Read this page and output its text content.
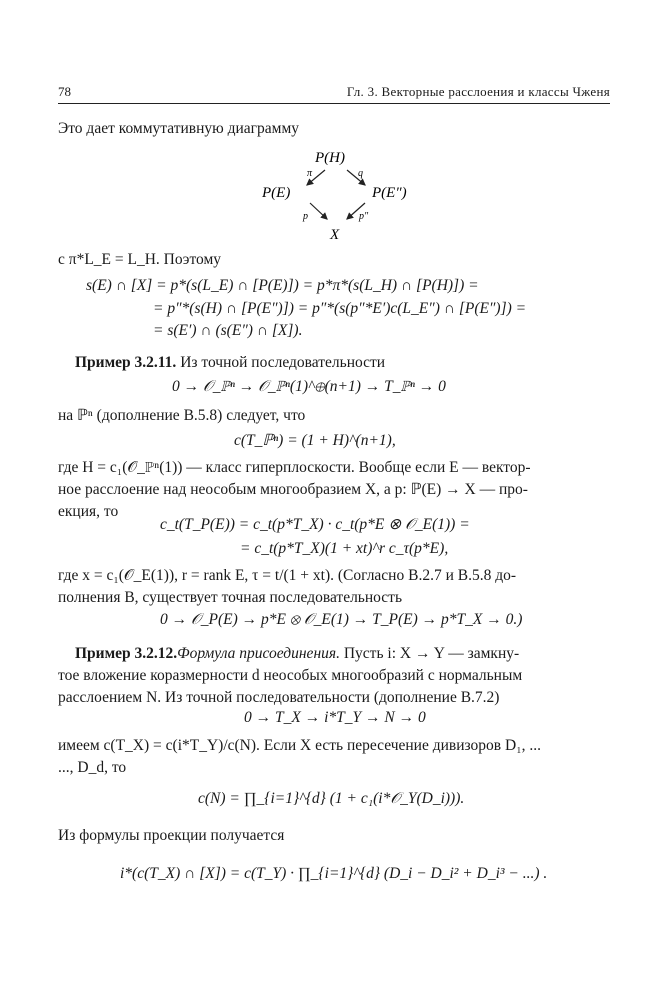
78	Гл. 3. Векторные расслоения и классы Чженя
Это дает коммутативную диаграмму
P(H)
P(E)	P(E″)
X
π	q
p	p″
с π*L_E = L_H. Поэтому
s(E) ∩ [X] = p*(s(L_E) ∩ [P(E)]) = p*π*(s(L_H) ∩ [P(H)]) =
= p″*(s(H) ∩ [P(E″)]) = p″*(s(p″*E′)c(L_E″) ∩ [P(E″)]) =
= s(E′) ∩ (s(E″) ∩ [X]).
Пример 3.2.11. Из точной последовательности
0 → 𝒪_ℙⁿ → 𝒪_ℙⁿ(1)^⊕(n+1) → T_ℙⁿ → 0
на ℙⁿ (дополнение B.5.8) следует, что
c(T_ℙⁿ) = (1 + H)^(n+1),
где H = c₁(𝒪_ℙⁿ(1)) — класс гиперплоскости. Вообще если E — вектор-
ное расслоение над неособым многообразием X, а p: ℙ(E) → X — про-
екция, то
c_t(T_P(E)) = c_t(p*T_X) · c_t(p*E ⊗ 𝒪_E(1)) =
= c_t(p*T_X)(1 + xt)^r c_τ(p*E),
где x = c₁(𝒪_E(1)), r = rank E, τ = t/(1 + xt). (Согласно B.2.7 и B.5.8 до-
полнения B, существует точная последовательность
0 → 𝒪_P(E) → p*E ⊗ 𝒪_E(1) → T_P(E) → p*T_X → 0.)
Пример 3.2.12.Формула присоединения. Пусть i: X → Y — замкну-
тое вложение коразмерности d неособых многообразий с нормальным
расслоением N. Из точной последовательности (дополнение B.7.2)
0 → T_X → i*T_Y → N → 0
имеем c(T_X) = c(i*T_Y)/c(N). Если X есть пересечение дивизоров D₁, ...
..., D_d, то
c(N) = ∏_{i=1}^{d} (1 + c₁(i*𝒪_Y(D_i))).
Из формулы проекции получается
i*(c(T_X) ∩ [X]) = c(T_Y) · ∏_{i=1}^{d} (D_i − D_i² + D_i³ − ...) .
